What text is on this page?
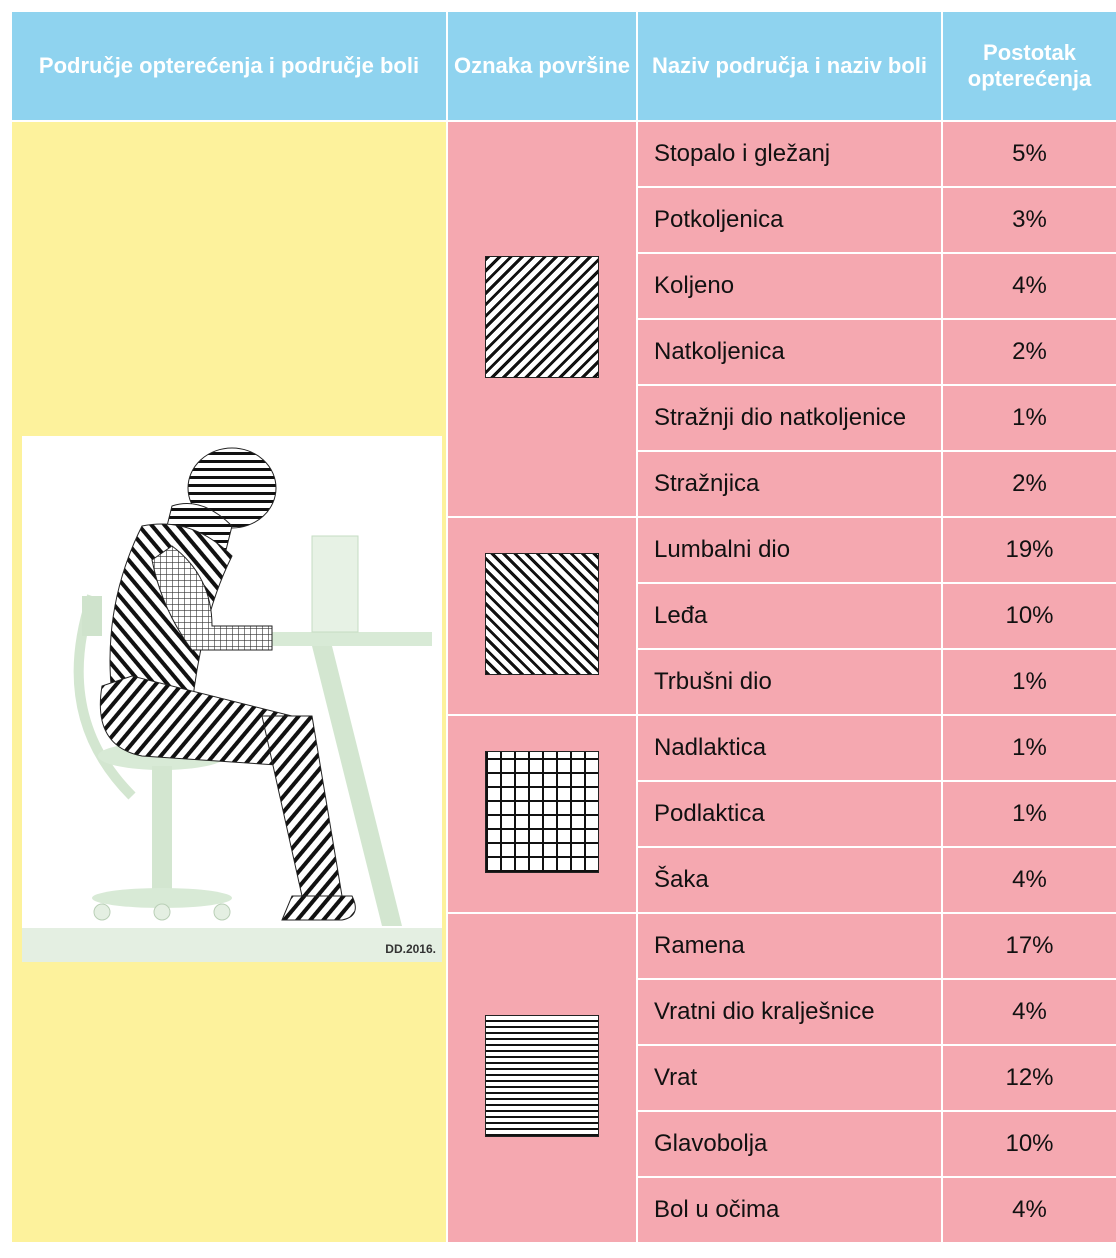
Područje opterećenja i područje boli	Oznaka površine	Naziv područja i naziv boli	Postotak opterećenja

DD.2016.		Stopalo i gležanj	5%
		Potkoljenica	3%
		Koljeno	4%
		Natkoljenica	2%
		Stražnji dio natkoljenice	1%
		Stražnjica	2%
		Lumbalni dio	19%
		Leđa	10%
		Trbušni dio	1%
		Nadlaktica	1%
		Podlaktica	1%
		Šaka	4%
		Ramena	17%
		Vratni dio kralješnice	4%
		Vrat	12%
		Glavobolja	10%
		Bol u očima	4%
